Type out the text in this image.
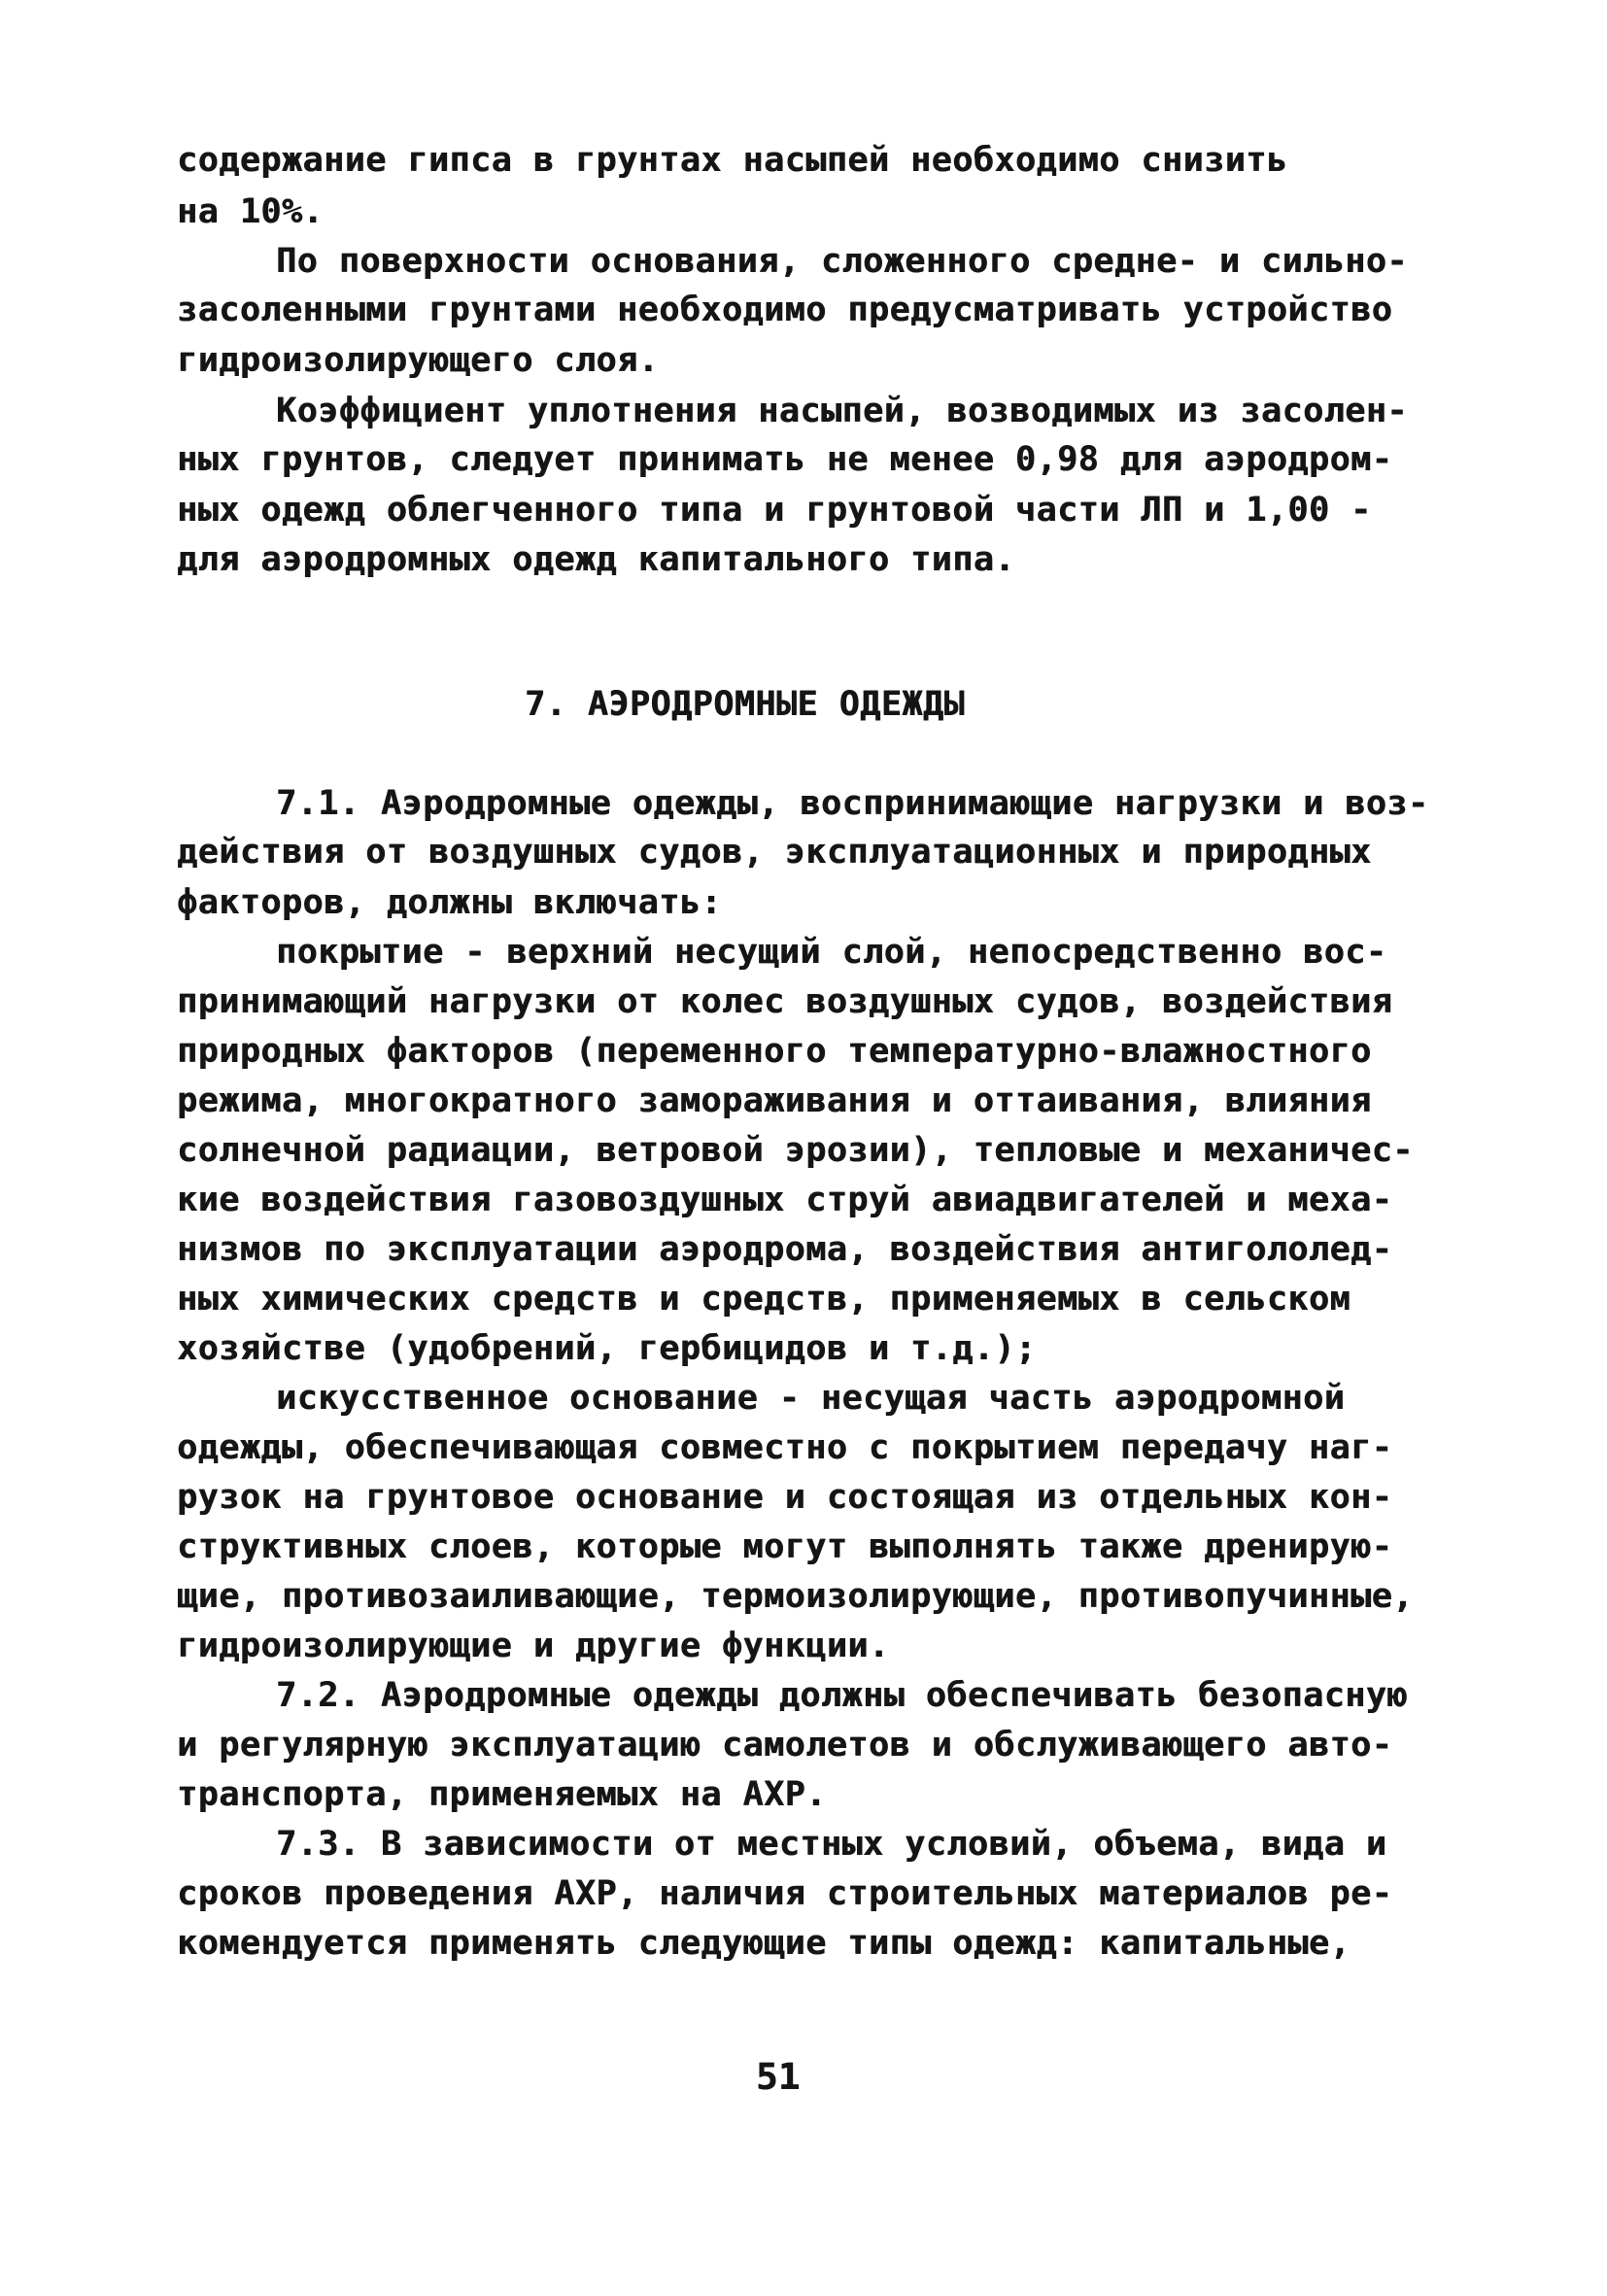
содержание гипса в грунтах насыпей необходимо снизить
на 10%.
По поверхности основания, сложенного средне- и сильно-
засоленными грунтами необходимо предусматривать устройство
гидроизолирующего слоя.
Коэффициент уплотнения насыпей, возводимых из засолен-
ных грунтов, следует принимать не менее 0,98 для аэродром-
ных одежд облегченного типа и грунтовой части ЛП и 1,00 -
для аэродромных одежд капитального типа.
7. АЭРОДРОМНЫЕ ОДЕЖДЫ
7.1. Аэродромные одежды, воспринимающие нагрузки и воз-
действия от воздушных судов, эксплуатационных и природных
факторов, должны включать:
покрытие - верхний несущий слой, непосредственно вос-
принимающий нагрузки от колес воздушных судов, воздействия
природных факторов (переменного температурно-влажностного
режима, многократного замораживания и оттаивания, влияния
солнечной радиации, ветровой эрозии), тепловые и механичес-
кие воздействия газовоздушных струй авиадвигателей и меха-
низмов по эксплуатации аэродрома, воздействия антигололед-
ных химических средств и средств, применяемых в сельском
хозяйстве (удобрений, гербицидов и т.д.);
искусственное основание - несущая часть аэродромной
одежды, обеспечивающая совместно с покрытием передачу наг-
рузок на грунтовое основание и состоящая из отдельных кон-
структивных слоев, которые могут выполнять также дренирую-
щие, противозаиливающие, термоизолирующие, противопучинные,
гидроизолирующие и другие функции.
7.2. Аэродромные одежды должны обеспечивать безопасную
и регулярную эксплуатацию самолетов и обслуживающего авто-
транспорта, применяемых на АХР.
7.3. В зависимости от местных условий, объема, вида и
сроков проведения АХР, наличия строительных материалов ре-
комендуется применять следующие типы одежд: капитальные,
51
